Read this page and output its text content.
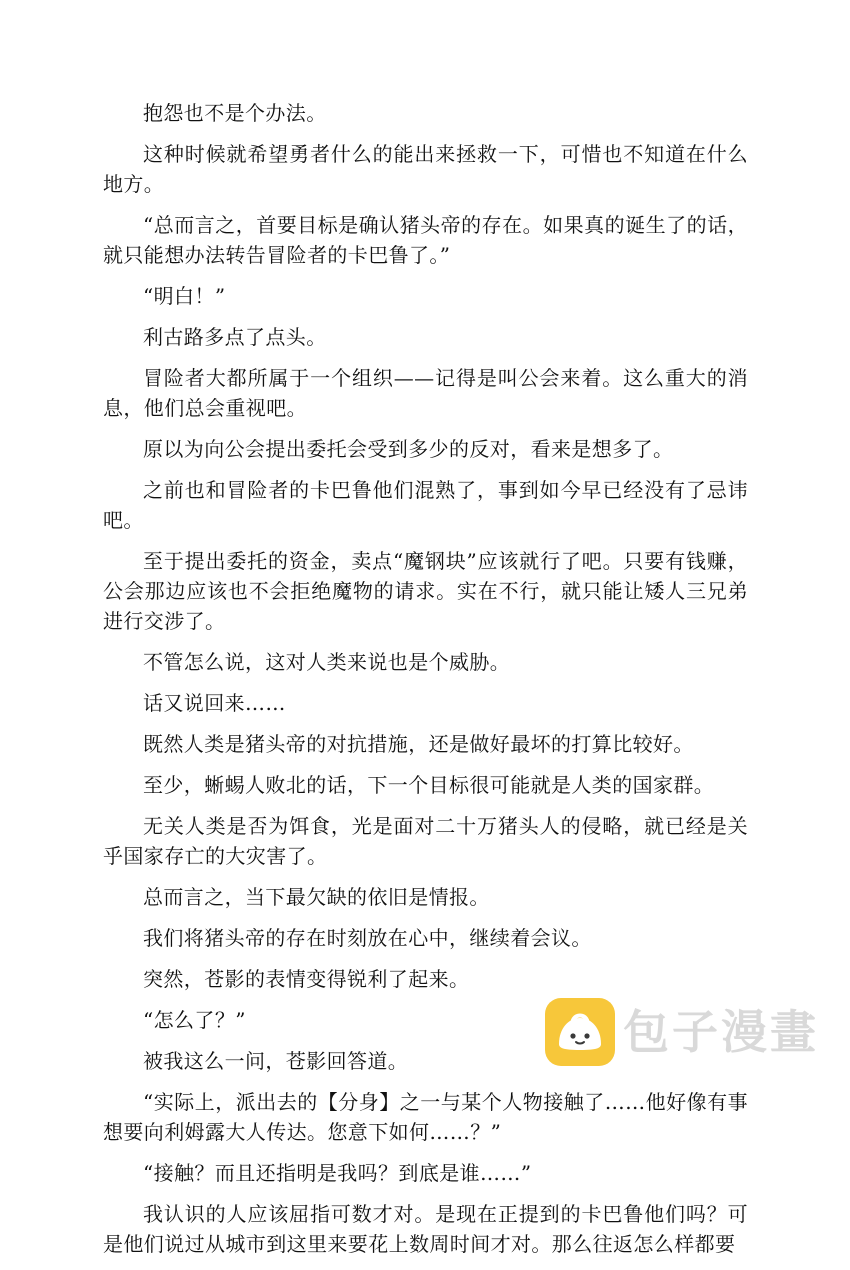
抱怨也不是个办法。

这种时候就希望勇者什么的能出来拯救一下，可惜也不知道在什么地方。

“总而言之，首要目标是确认猪头帝的存在。如果真的诞生了的话，就只能想办法转告冒险者的卡巴鲁了。”

“明白！”

利古路多点了点头。

冒险者大都所属于一个组织——记得是叫公会来着。这么重大的消息，他们总会重视吧。

原以为向公会提出委托会受到多少的反对，看来是想多了。

之前也和冒险者的卡巴鲁他们混熟了，事到如今早已经没有了忌讳吧。

至于提出委托的资金，卖点“魔钢块”应该就行了吧。只要有钱赚，公会那边应该也不会拒绝魔物的请求。实在不行，就只能让矮人三兄弟进行交涉了。

不管怎么说，这对人类来说也是个威胁。

话又说回来……

既然人类是猪头帝的对抗措施，还是做好最坏的打算比较好。

至少，蜥蜴人败北的话，下一个目标很可能就是人类的国家群。

无关人类是否为饵食，光是面对二十万猪头人的侵略，就已经是关乎国家存亡的大灾害了。

总而言之，当下最欠缺的依旧是情报。

我们将猪头帝的存在时刻放在心中，继续着会议。

突然，苍影的表情变得锐利了起来。

“怎么了？”

被我这么一问，苍影回答道。

“实际上，派出去的【分身】之一与某个人物接触了……他好像有事想要向利姆露大人传达。您意下如何……？”

“接触？而且还指明是我吗？到底是谁……”

我认识的人应该屈指可数才对。是现在正提到的卡巴鲁他们吗？可是他们说过从城市到这里来要花上数周时间才对。那么往返怎么样都要

包子漫畫
